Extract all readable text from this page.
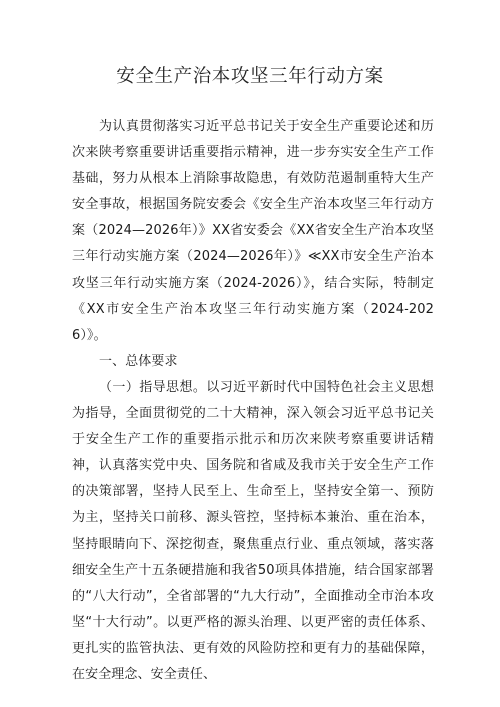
安全生产治本攻坚三年行动方案

为认真贯彻落实习近平总书记关于安全生产重要论述和历次来陕考察重要讲话重要指示精神，进一步夯实安全生产工作基础，努力从根本上消除事故隐患，有效防范遏制重特大生产安全事故，根据国务院安委会《安全生产治本攻坚三年行动方案（2024—2026年）》XX省安委会《XX省安全生产治本攻坚三年行动实施方案（2024—2026年）》≪XX市安全生产治本攻坚三年行动实施方案（2024-2026）》，结合实际，特制定《XX市安全生产治本攻坚三年行动实施方案（2024-2026）》。

一、总体要求

（一）指导思想。以习近平新时代中国特色社会主义思想为指导，全面贯彻党的二十大精神，深入领会习近平总书记关于安全生产工作的重要指示批示和历次来陕考察重要讲话精神，认真落实党中央、国务院和省咸及我市关于安全生产工作的决策部署，坚持人民至上、生命至上，坚持安全第一、预防为主，坚持关口前移、源头管控，坚持标本兼治、重在治本，坚持眼睛向下、深挖彻查，聚焦重点行业、重点领域，落实落细安全生产十五条硬措施和我省50项具体措施，结合国家部署的“八大行动”，全省部署的“九大行动”，全面推动全市治本攻坚“十大行动”。以更严格的源头治理、以更严密的责任体系、更扎实的监管执法、更有效的风险防控和更有力的基础保障，在安全理念、安全责任、
